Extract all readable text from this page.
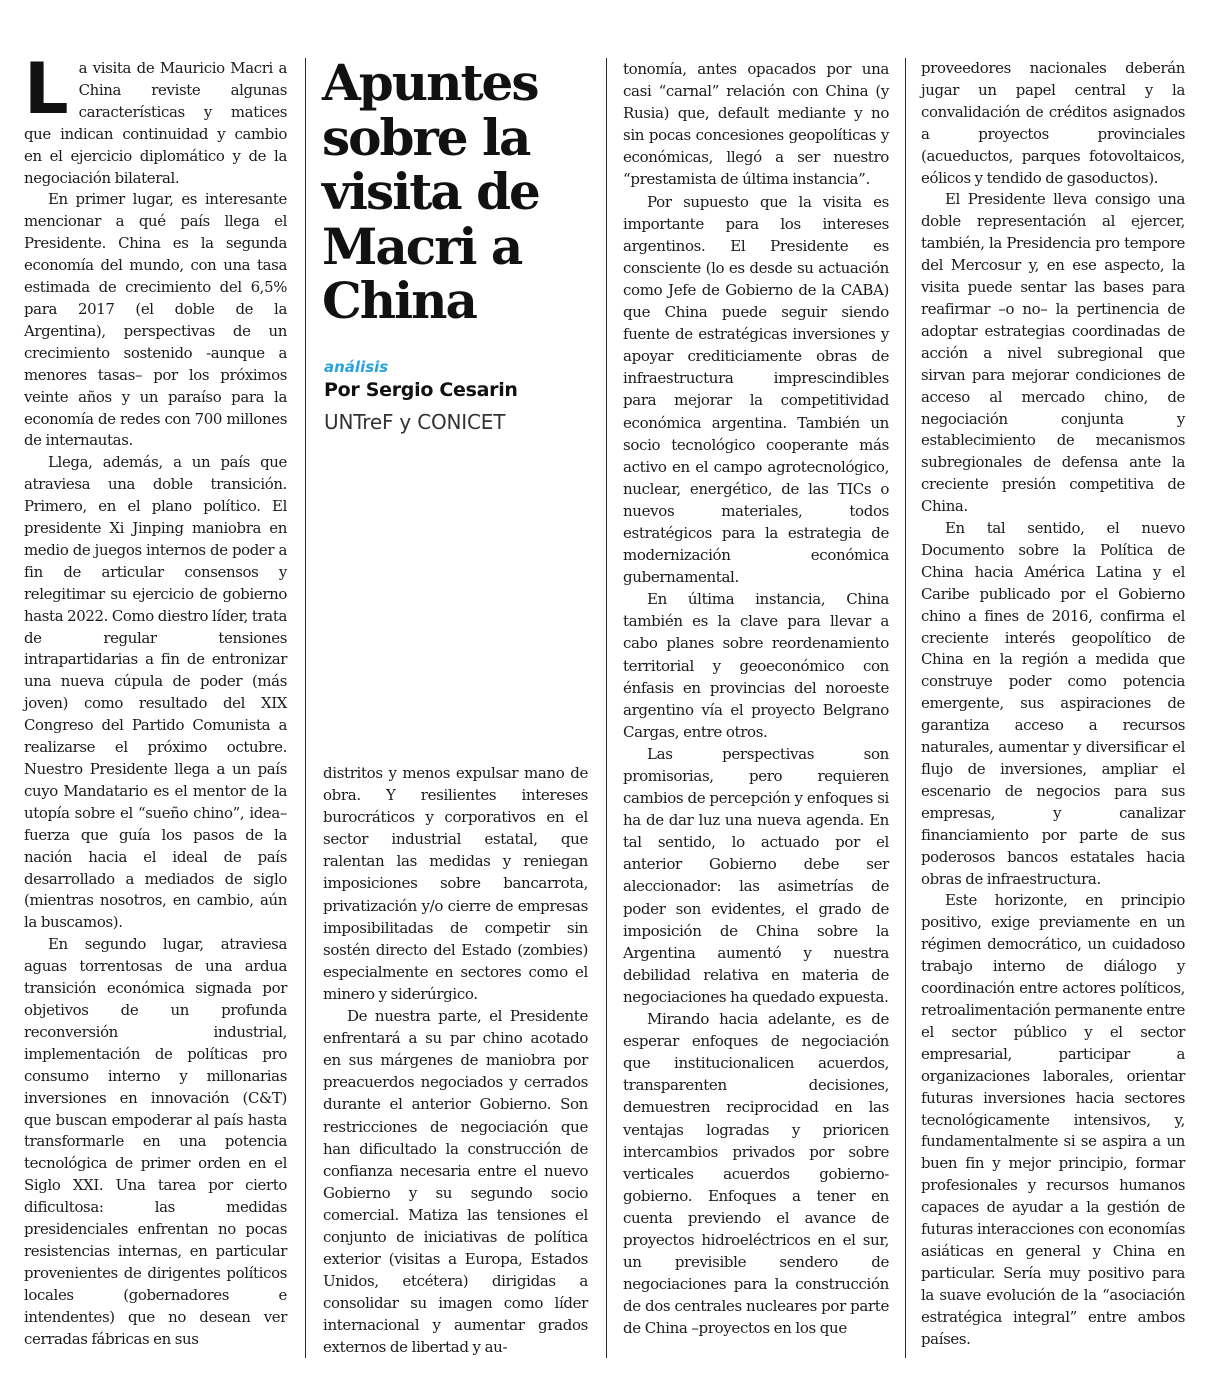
La visita de Mauricio Macri a China reviste algunas características y matices que indican continuidad y cambio en el ejercicio diplomático y de la negociación bilateral.

En primer lugar, es interesante mencionar a qué país llega el Presidente. China es la segunda economía del mundo, con una tasa estimada de crecimiento del 6,5% para 2017 (el doble de la Argentina), perspectivas de un crecimiento sostenido -aunque a menores tasas– por los próximos veinte años y un paraíso para la economía de redes con 700 millones de internautas.

Llega, además, a un país que atraviesa una doble transición. Primero, en el plano político. El presidente Xi Jinping maniobra en medio de juegos internos de poder a fin de articular consensos y relegitimar su ejercicio de gobierno hasta 2022. Como diestro líder, trata de regular tensiones intrapartidarias a fin de entronizar una nueva cúpula de poder (más joven) como resultado del XIX Congreso del Partido Comunista a realizarse el próximo octubre. Nuestro Presidente llega a un país cuyo Mandatario es el mentor de la utopía sobre el “sueño chino”, idea–fuerza que guía los pasos de la nación hacia el ideal de país desarrollado a mediados de siglo (mientras nosotros, en cambio, aún la buscamos).

En segundo lugar, atraviesa aguas torrentosas de una ardua transición económica signada por objetivos de un profunda reconversión industrial, implementación de políticas pro consumo interno y millonarias inversiones en innovación (C&T) que buscan empoderar al país hasta transformarle en una potencia tecnológica de primer orden en el Siglo XXI. Una tarea por cierto dificultosa: las medidas presidenciales enfrentan no pocas resistencias internas, en particular provenientes de dirigentes políticos locales (gobernadores e intendentes) que no desean ver cerradas fábricas en sus

Apuntes sobre la visita de Macri a China
análisis
Por Sergio Cesarin
UNTreF y CONICET

distritos y menos expulsar mano de obra. Y resilientes intereses burocráticos y corporativos en el sector industrial estatal, que ralentan las medidas y reniegan imposiciones sobre bancarrota, privatización y/o cierre de empresas imposibilitadas de competir sin sostén directo del Estado (zombies) especialmente en sectores como el minero y siderúrgico.

De nuestra parte, el Presidente enfrentará a su par chino acotado en sus márgenes de maniobra por preacuerdos negociados y cerrados durante el anterior Gobierno. Son restricciones de negociación que han dificultado la construcción de confianza necesaria entre el nuevo Gobierno y su segundo socio comercial. Matiza las tensiones el conjunto de iniciativas de política exterior (visitas a Europa, Estados Unidos, etcétera) dirigidas a consolidar su imagen como líder internacional y aumentar grados externos de libertad y au-

tonomía, antes opacados por una casi “carnal” relación con China (y Rusia) que, default mediante y no sin pocas concesiones geopolíticas y económicas, llegó a ser nuestro “prestamista de última instancia”.

Por supuesto que la visita es importante para los intereses argentinos. El Presidente es consciente (lo es desde su actuación como Jefe de Gobierno de la CABA) que China puede seguir siendo fuente de estratégicas inversiones y apoyar crediticiamente obras de infraestructura imprescindibles para mejorar la competitividad económica argentina. También un socio tecnológico cooperante más activo en el campo agrotecnológico, nuclear, energético, de las TICs o nuevos materiales, todos estratégicos para la estrategia de modernización económica gubernamental.

En última instancia, China también es la clave para llevar a cabo planes sobre reordenamiento territorial y geoeconómico con énfasis en provincias del noroeste argentino vía el proyecto Belgrano Cargas, entre otros.

Las perspectivas son promisorias, pero requieren cambios de percepción y enfoques si ha de dar luz una nueva agenda. En tal sentido, lo actuado por el anterior Gobierno debe ser aleccionador: las asimetrías de poder son evidentes, el grado de imposición de China sobre la Argentina aumentó y nuestra debilidad relativa en materia de negociaciones ha quedado expuesta.

Mirando hacia adelante, es de esperar enfoques de negociación que institucionalicen acuerdos, transparenten decisiones, demuestren reciprocidad en las ventajas logradas y prioricen intercambios privados por sobre verticales acuerdos gobierno-gobierno. Enfoques a tener en cuenta previendo el avance de proyectos hidroeléctricos en el sur, un previsible sendero de negociaciones para la construcción de dos centrales nucleares por parte de China –proyectos en los que

proveedores nacionales deberán jugar un papel central y la convalidación de créditos asignados a proyectos provinciales (acueductos, parques fotovoltaicos, eólicos y tendido de gasoductos).

El Presidente lleva consigo una doble representación al ejercer, también, la Presidencia pro tempore del Mercosur y, en ese aspecto, la visita puede sentar las bases para reafirmar –o no– la pertinencia de adoptar estrategias coordinadas de acción a nivel subregional que sirvan para mejorar condiciones de acceso al mercado chino, de negociación conjunta y establecimiento de mecanismos subregionales de defensa ante la creciente presión competitiva de China.

En tal sentido, el nuevo Documento sobre la Política de China hacia América Latina y el Caribe publicado por el Gobierno chino a fines de 2016, confirma el creciente interés geopolítico de China en la región a medida que construye poder como potencia emergente, sus aspiraciones de garantiza acceso a recursos naturales, aumentar y diversificar el flujo de inversiones, ampliar el escenario de negocios para sus empresas, y canalizar financiamiento por parte de sus poderosos bancos estatales hacia obras de infraestructura.

Este horizonte, en principio positivo, exige previamente en un régimen democrático, un cuidadoso trabajo interno de diálogo y coordinación entre actores políticos, retroalimentación permanente entre el sector público y el sector empresarial, participar a organizaciones laborales, orientar futuras inversiones hacia sectores tecnológicamente intensivos, y, fundamentalmente si se aspira a un buen fin y mejor principio, formar profesionales y recursos humanos capaces de ayudar a la gestión de futuras interacciones con economías asiáticas en general y China en particular. Sería muy positivo para la suave evolución de la “asociación estratégica integral” entre ambos países.
